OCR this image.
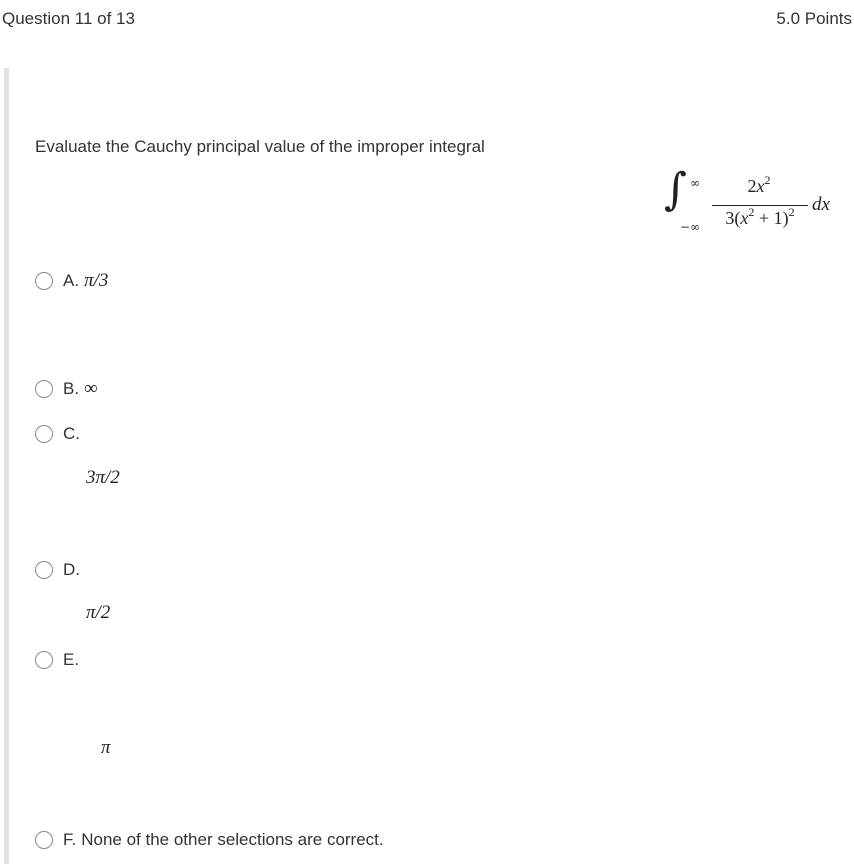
Question 11 of 13	5.0 Points
Evaluate the Cauchy principal value of the improper integral
∫ ∞
−∞
$2x^2$
$3(x^2 + 1)^2$ dx
A. π/3
B. ∞
C.
3π/2
D.
π/2
E.
π
F. None of the other selections are correct.
